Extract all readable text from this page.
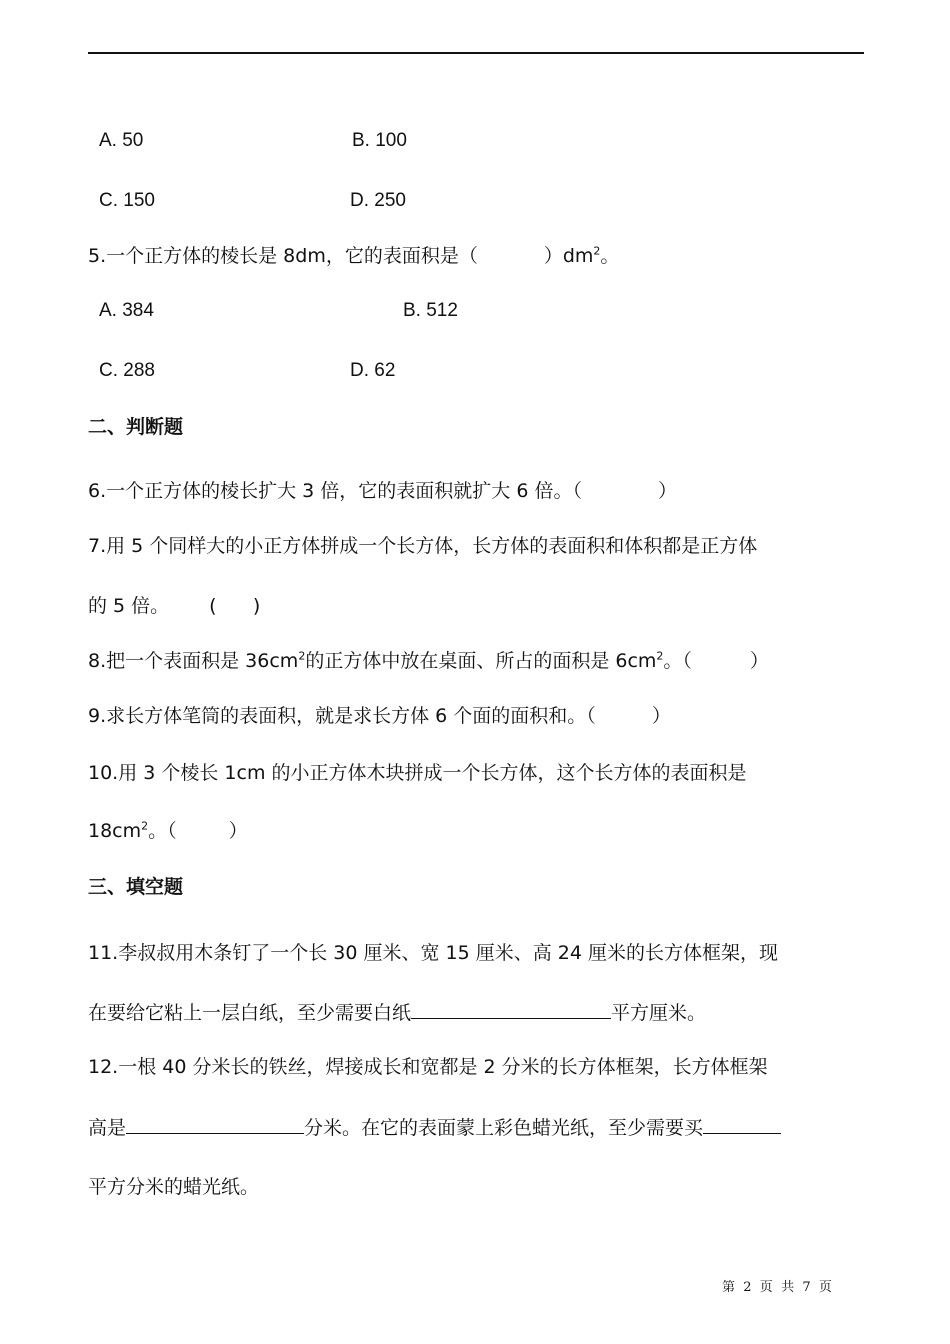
A. 50	B. 100
C. 150	D. 250
5.一个正方体的棱长是 8dm，它的表面积是（	）$dm^2$。
A. 384	B. 512
C. 288	D. 62
二、判断题
6.一个正方体的棱长扩大 3 倍，它的表面积就扩大 6 倍。（	）
7.用 5 个同样大的小正方体拼成一个长方体，长方体的表面积和体积都是正方体
的 5 倍。 (      )
8.把一个表面积是 $36cm^2$的正方体中放在桌面、所占的面积是 $6cm^2$。（	）
9.求长方体笔筒的表面积，就是求长方体 6 个面的面积和。（	）
10.用 3 个棱长 1cm 的小正方体木块拼成一个长方体，这个长方体的表面积是
$18cm^2$。（	）
三、填空题
11.李叔叔用木条钉了一个长 30 厘米、宽 15 厘米、高 24 厘米的长方体框架，现
在要给它粘上一层白纸，至少需要白纸	平方厘米。
12.一根 40 分米长的铁丝，焊接成长和宽都是 2 分米的长方体框架，长方体框架
高是	分米。在它的表面蒙上彩色蜡光纸，至少需要买
平方分米的蜡光纸。
第  2  页  共  7  页
